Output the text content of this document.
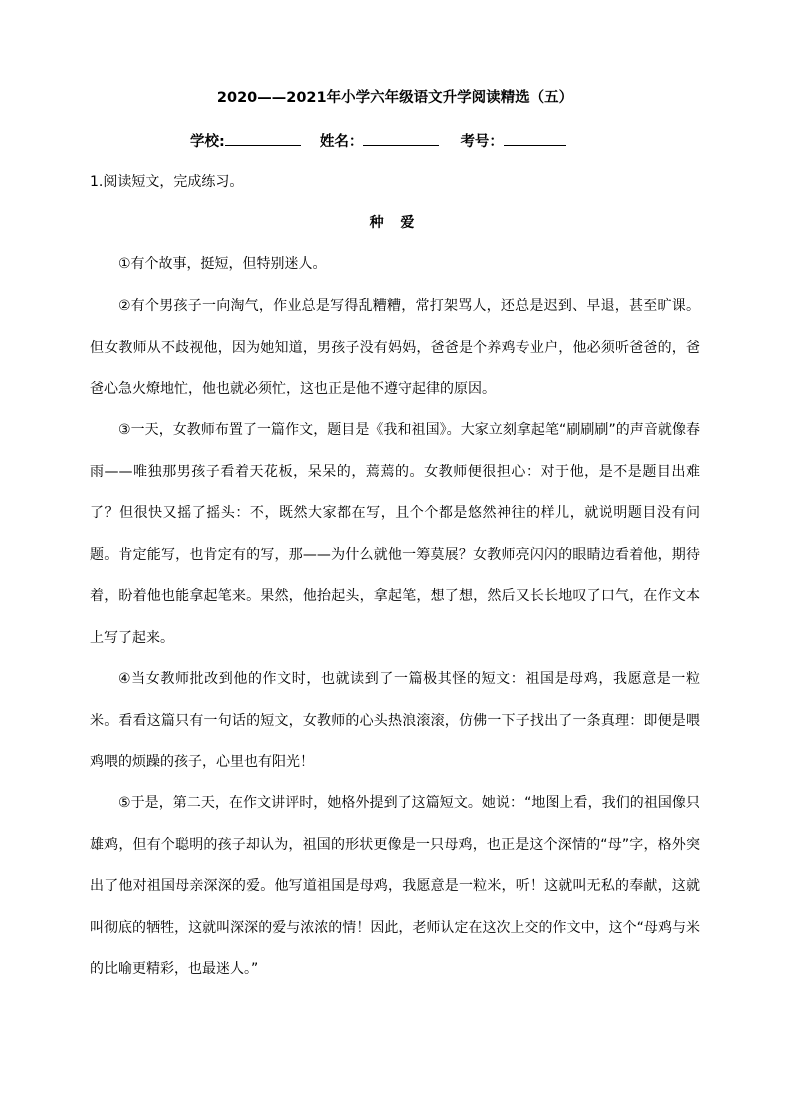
2020——2021年小学六年级语文升学阅读精选（五）
学校:	姓名：	考号：
1.阅读短文，完成练习。
种 爱

①有个故事，挺短，但特别迷人。

②有个男孩子一向淘气，作业总是写得乱糟糟，常打架骂人，还总是迟到、早退，甚至旷课。但女教师从不歧视他，因为她知道，男孩子没有妈妈，爸爸是个养鸡专业户，他必须听爸爸的，爸爸心急火燎地忙，他也就必须忙，这也正是他不遵守起律的原因。

③一天，女教师布置了一篇作文，题目是《我和祖国》。大家立刻拿起笔“刷刷刷”的声音就像春雨——唯独那男孩子看着天花板，呆呆的，蔫蔫的。女教师便很担心：对于他，是不是题目出难了？但很快又摇了摇头：不，既然大家都在写，且个个都是悠然神往的样儿，就说明题目没有问题。肯定能写，也肯定有的写，那——为什么就他一筹莫展？女教师亮闪闪的眼睛边看着他，期待着，盼着他也能拿起笔来。果然，他抬起头，拿起笔，想了想，然后又长长地叹了口气，在作文本上写了起来。

④当女教师批改到他的作文时，也就读到了一篇极其怪的短文：祖国是母鸡，我愿意是一粒米。看看这篇只有一句话的短文，女教师的心头热浪滚滚，仿佛一下子找出了一条真理：即便是喂鸡喂的烦躁的孩子，心里也有阳光！

⑤于是，第二天，在作文讲评时，她格外提到了这篇短文。她说：“地图上看，我们的祖国像只雄鸡，但有个聪明的孩子却认为，祖国的形状更像是一只母鸡，也正是这个深情的“母”字，格外突出了他对祖国母亲深深的爱。他写道祖国是母鸡，我愿意是一粒米，听！这就叫无私的奉献，这就叫彻底的牺牲，这就叫深深的爱与浓浓的情！因此，老师认定在这次上交的作文中，这个“母鸡与米的比喻更精彩，也最迷人。”
